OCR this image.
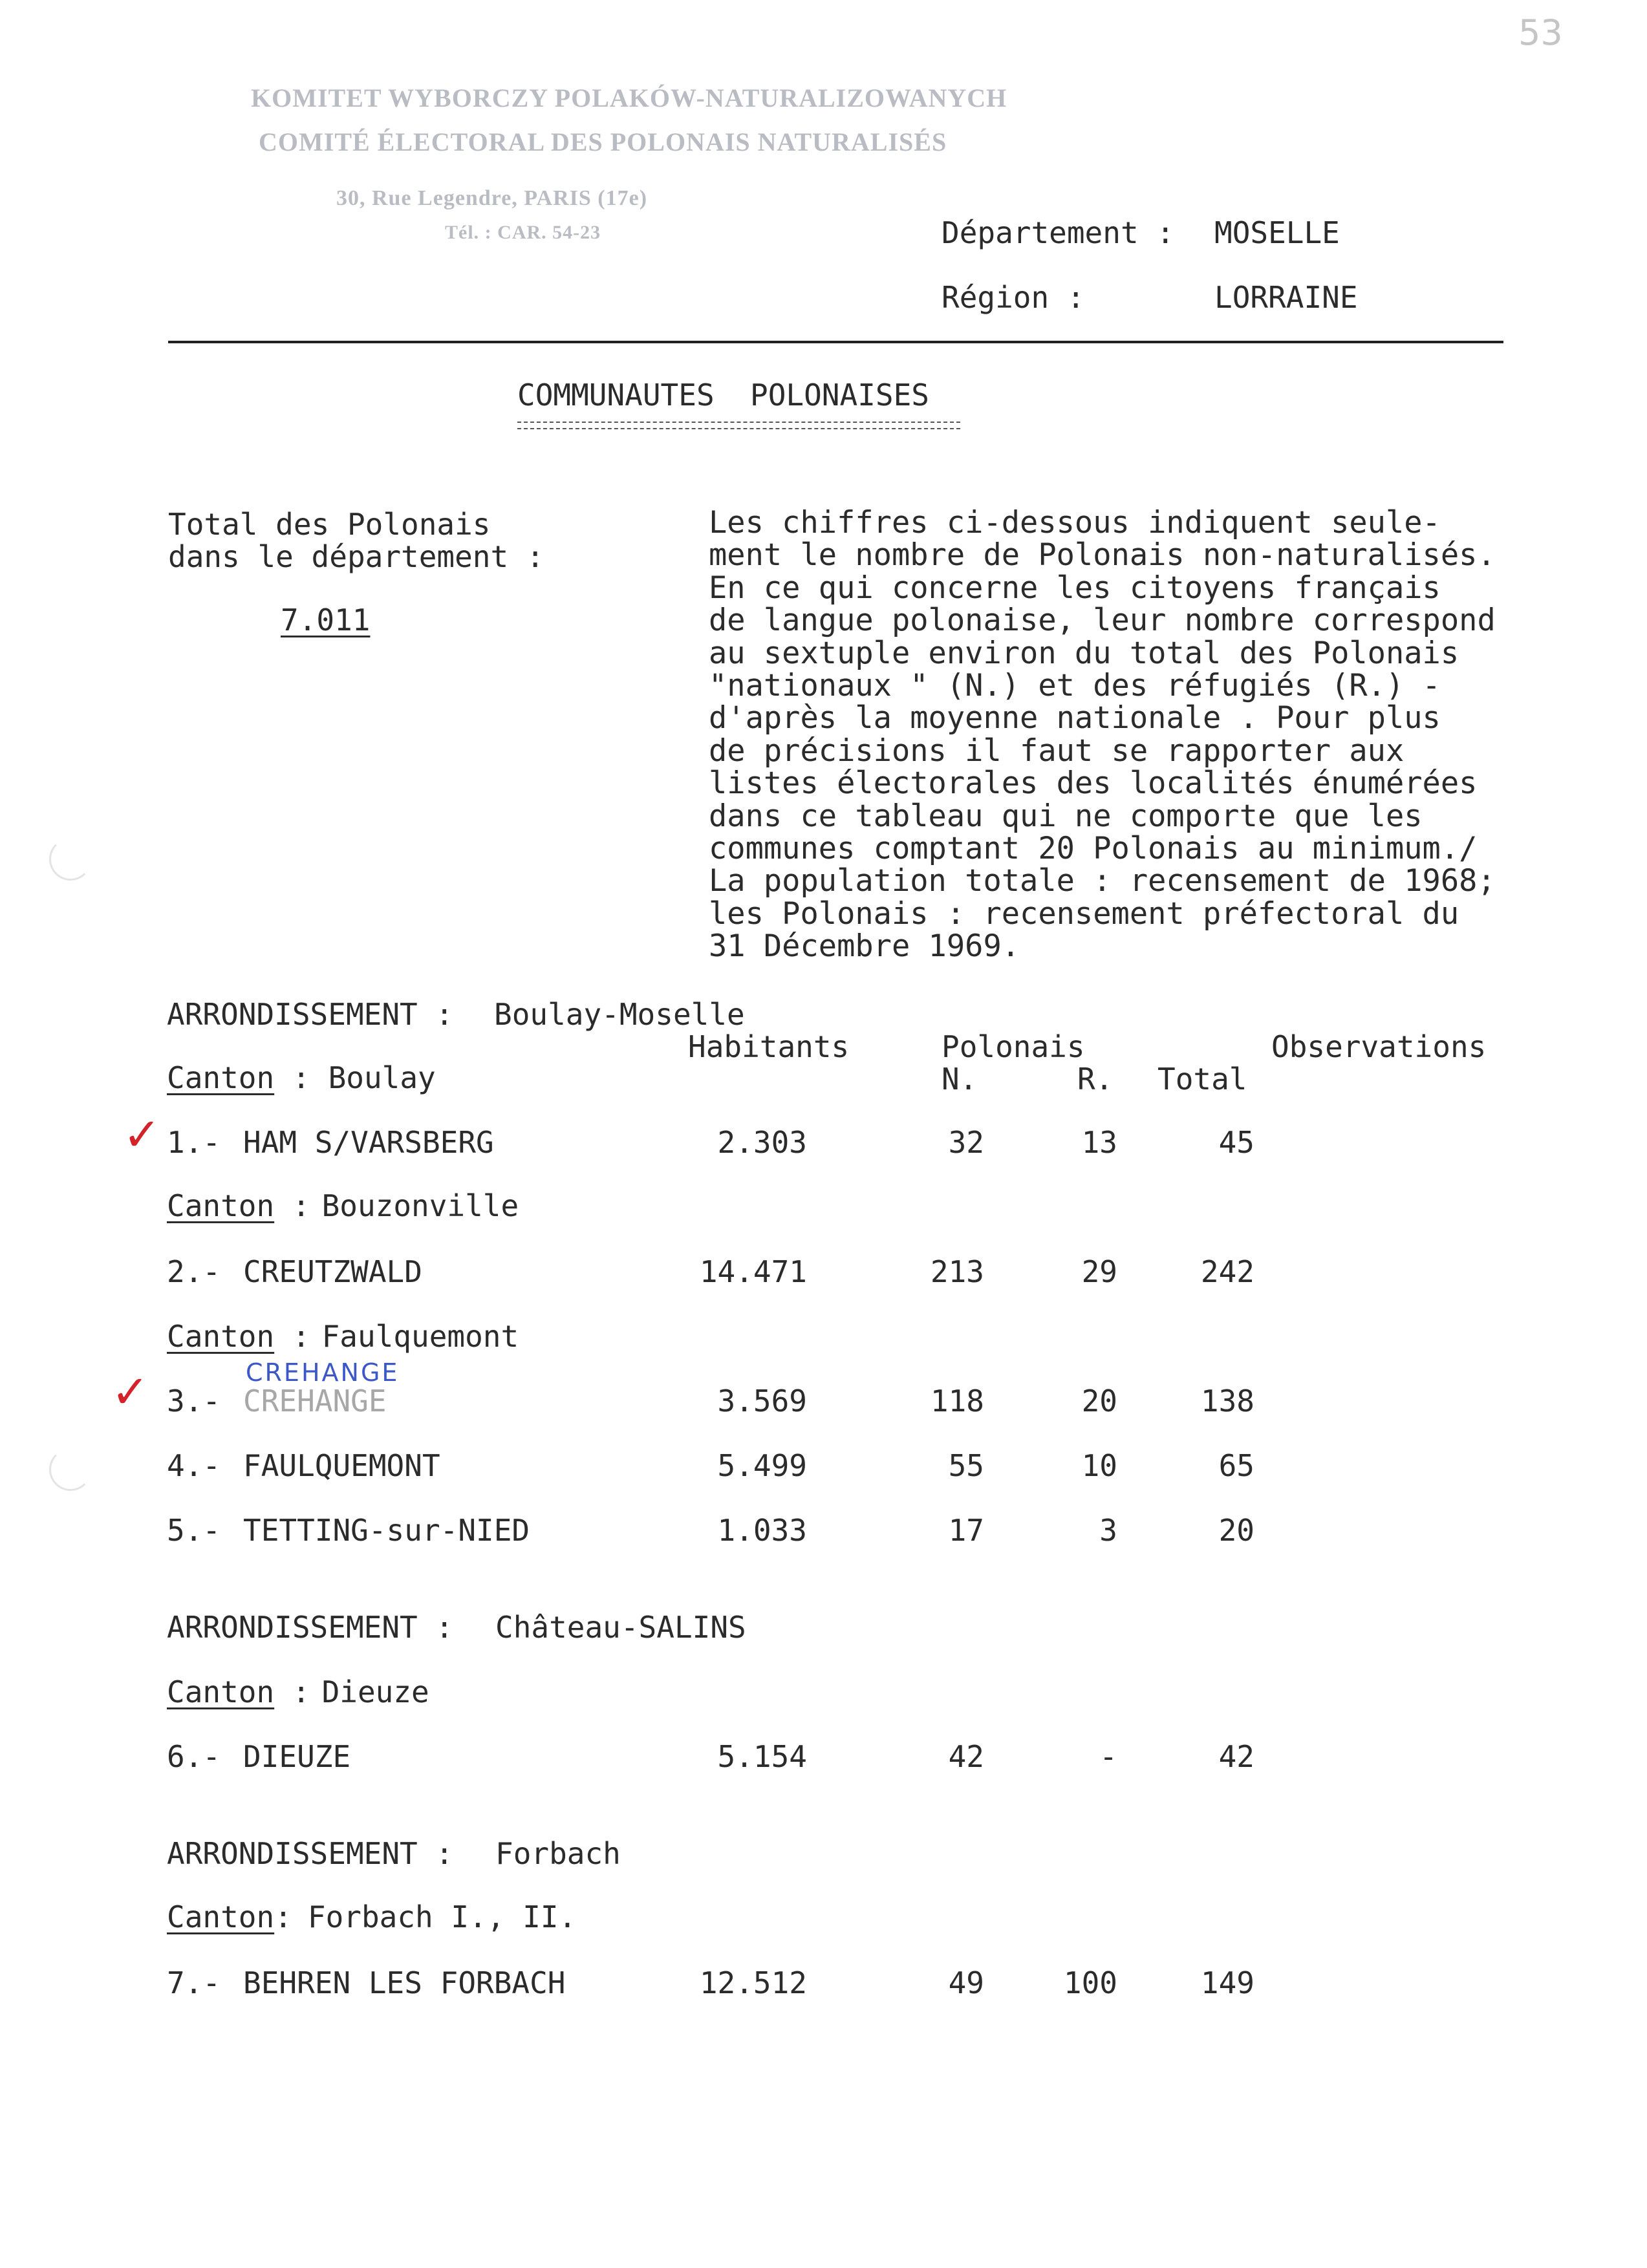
53
KOMITET WYBORCZY POLAKÓW-NATURALIZOWANYCH
COMITÉ ÉLECTORAL DES POLONAIS NATURALISÉS
30, Rue Legendre, PARIS (17e)
Tél. : CAR. 54-23	Département : MOSELLE
Région :	LORRAINE
COMMUNAUTES  POLONAISES
Total des Polonais
dans le département :
7.011
Les chiffres ci-dessous indiquent seule-
ment le nombre de Polonais non-naturalisés.
En ce qui concerne les citoyens français
de langue polonaise, leur nombre correspond
au sextuple environ du total des Polonais
"nationaux " (N.) et des réfugiés (R.) -
d'après la moyenne nationale . Pour plus
de précisions il faut se rapporter aux
listes électorales des localités énumérées
dans ce tableau qui ne comporte que les
communes comptant 20 Polonais au minimum./
La population totale : recensement de 1968;
les Polonais : recensement préfectoral du
31 Décembre 1969.
ARRONDISSEMENT : Boulay-Moselle
Habitants	Polonais	Observations
N.	R. Total
Canton : Boulay
✓ 1.- HAM S/VARSBERG	2.303	32	13	45
Canton : Bouzonville
2.- CREUTZWALD	14.471	213	29	242
Canton : Faulquemont
CREHANGE
✓ 3.- CREHANGE	3.569	118	20	138
4.- FAULQUEMONT	5.499	55	10	65
5.- TETTING-sur-NIED	1.033	17	3	20
ARRONDISSEMENT : Château-SALINS
Canton : Dieuze
6.- DIEUZE	5.154	42	-	42
ARRONDISSEMENT : Forbach
Canton: Forbach I., II.
7.- BEHREN LES FORBACH	12.512	49	100	149
